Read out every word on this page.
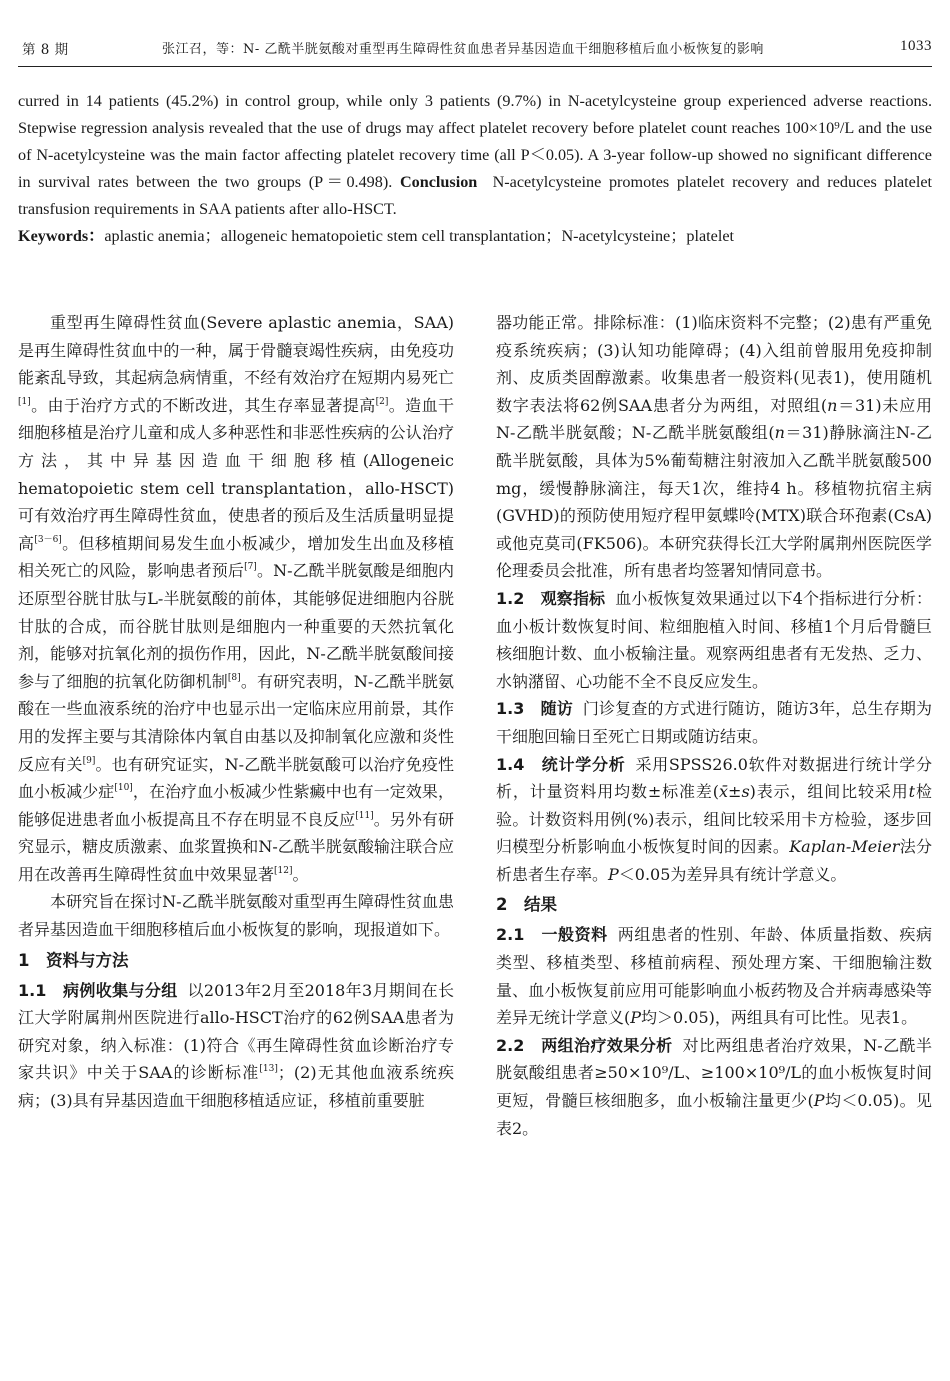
第 8 期	张江召，等：N- 乙酰半胱氨酸对重型再生障碍性贫血患者异基因造血干细胞移植后血小板恢复的影响	1033

curred in 14 patients (45.2%) in control group, while only 3 patients (9.7%) in N-acetylcysteine group experienced adverse reactions. Stepwise regression analysis revealed that the use of drugs may affect platelet recovery before platelet count reaches 100×10⁹/L and the use of N-acetylcysteine was the main factor affecting platelet recovery time (all P＜0.05). A 3-year follow-up showed no significant difference in survival rates between the two groups (P＝0.498). Conclusion N-acetylcysteine promotes platelet recovery and reduces platelet transfusion requirements in SAA patients after allo-HSCT.

Keywords：aplastic anemia；allogeneic hematopoietic stem cell transplantation；N-acetylcysteine；platelet

重型再生障碍性贫血(Severe aplastic anemia，SAA)是再生障碍性贫血中的一种，属于骨髓衰竭性疾病，由免疫功能紊乱导致，其起病急病情重，不经有效治疗在短期内易死亡[1]。由于治疗方式的不断改进，其生存率显著提高[2]。造血干细胞移植是治疗儿童和成人多种恶性和非恶性疾病的公认治疗方法，其中异基因造血干细胞移植(Allogeneic hematopoietic stem cell transplantation，allo-HSCT)可有效治疗再生障碍性贫血，使患者的预后及生活质量明显提高[3－6]。但移植期间易发生血小板减少，增加发生出血及移植相关死亡的风险，影响患者预后[7]。N-乙酰半胱氨酸是细胞内还原型谷胱甘肽与L-半胱氨酸的前体，其能够促进细胞内谷胱甘肽的合成，而谷胱甘肽则是细胞内一种重要的天然抗氧化剂，能够对抗氧化剂的损伤作用，因此，N-乙酰半胱氨酸间接参与了细胞的抗氧化防御机制[8]。有研究表明，N-乙酰半胱氨酸在一些血液系统的治疗中也显示出一定临床应用前景，其作用的发挥主要与其清除体内氧自由基以及抑制氧化应激和炎性反应有关[9]。也有研究证实，N-乙酰半胱氨酸可以治疗免疫性血小板减少症[10]，在治疗血小板减少性紫癜中也有一定效果，能够促进患者血小板提高且不存在明显不良反应[11]。另外有研究显示，糖皮质激素、血浆置换和N-乙酰半胱氨酸输注联合应用在改善再生障碍性贫血中效果显著[12]。

本研究旨在探讨N-乙酰半胱氨酸对重型再生障碍性贫血患者异基因造血干细胞移植后血小板恢复的影响，现报道如下。

1　资料与方法

1.1　病例收集与分组 以2013年2月至2018年3月期间在长江大学附属荆州医院进行allo-HSCT治疗的62例SAA患者为研究对象，纳入标准：(1)符合《再生障碍性贫血诊断治疗专家共识》中关于SAA的诊断标准[13]；(2)无其他血液系统疾病；(3)具有异基因造血干细胞移植适应证，移植前重要脏

器功能正常。排除标准：(1)临床资料不完整；(2)患有严重免疫系统疾病；(3)认知功能障碍；(4)入组前曾服用免疫抑制剂、皮质类固醇激素。收集患者一般资料(见表1)，使用随机数字表法将62例SAA患者分为两组，对照组(n＝31)未应用N-乙酰半胱氨酸；N-乙酰半胱氨酸组(n＝31)静脉滴注N-乙酰半胱氨酸，具体为5%葡萄糖注射液加入乙酰半胱氨酸500 mg，缓慢静脉滴注，每天1次，维持4 h。移植物抗宿主病(GVHD)的预防使用短疗程甲氨蝶呤(MTX)联合环孢素(CsA)或他克莫司(FK506)。本研究获得长江大学附属荆州医院医学伦理委员会批准，所有患者均签署知情同意书。

1.2　观察指标 血小板恢复效果通过以下4个指标进行分析：血小板计数恢复时间、粒细胞植入时间、移植1个月后骨髓巨核细胞计数、血小板输注量。观察两组患者有无发热、乏力、水钠潴留、心功能不全不良反应发生。

1.3　随访 门诊复查的方式进行随访，随访3年，总生存期为干细胞回输日至死亡日期或随访结束。

1.4　统计学分析 采用SPSS26.0软件对数据进行统计学分析，计量资料用均数±标准差(x̄±s)表示，组间比较采用t检验。计数资料用例(%)表示，组间比较采用卡方检验，逐步回归模型分析影响血小板恢复时间的因素。Kaplan-Meier法分析患者生存率。P＜0.05为差异具有统计学意义。

2　结果

2.1　一般资料 两组患者的性别、年龄、体质量指数、疾病类型、移植类型、移植前病程、预处理方案、干细胞输注数量、血小板恢复前应用可能影响血小板药物及合并病毒感染等差异无统计学意义(P均＞0.05)，两组具有可比性。见表1。

2.2　两组治疗效果分析 对比两组患者治疗效果，N-乙酰半胱氨酸组患者≥50×10⁹/L、≥100×10⁹/L的血小板恢复时间更短，骨髓巨核细胞多，血小板输注量更少(P均＜0.05)。见表2。
